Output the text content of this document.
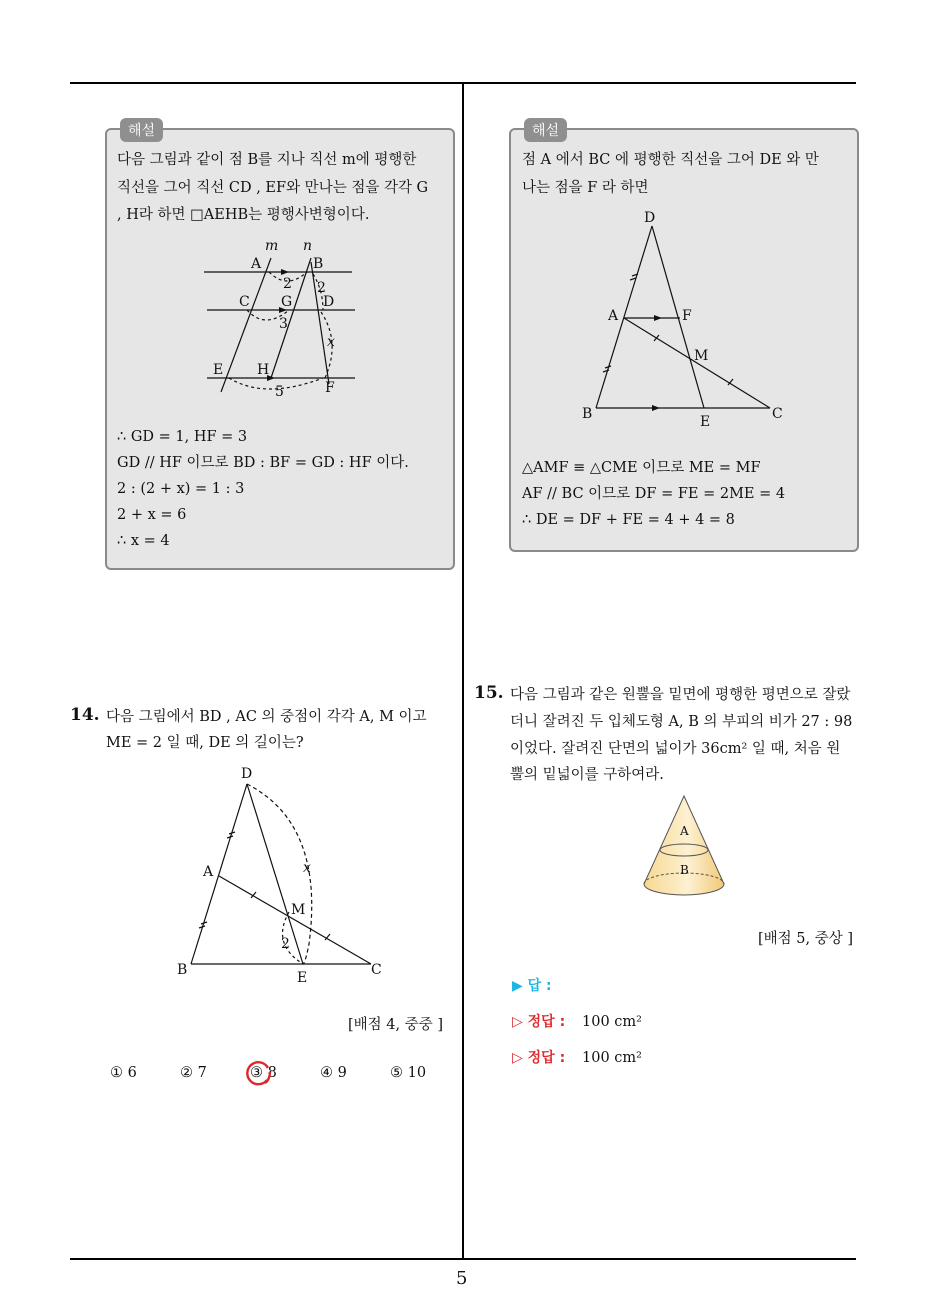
5
해설
다음 그림과 같이 점 B를 지나 직선 m에 평행한
직선을 그어 직선 CD , EF와 만나는 점을 각각 G
, H라 하면 □AEHB는 평행사변형이다.
m n
A	B
2 2
C G D
3
x
E H
5	F
∴ GD = 1, HF = 3
GD // HF 이므로 BD : BF = GD : HF 이다.
2 : (2 + x) = 1 : 3
2 + x = 6
∴ x = 4
해설
점 A 에서 BC 에 평행한 직선을 그어 DE 와 만
나는 점을 F 라 하면
D
A	F
M
B	E	C
△AMF ≡ △CME 이므로 ME = MF
AF // BC 이므로 DF = FE = 2ME = 4
∴ DE = DF + FE = 4 + 4 = 8
14. 다음 그림에서 BD , AC 의 중점이 각각 A, M 이고
ME = 2 일 때, DE 의 길이는?
D
A	x
M
2
B	E	C
[배점 4, 중중 ]
① 6	② 7	③ 8	④ 9	⑤ 10
15. 다음 그림과 같은 원뿔을 밑면에 평행한 평면으로 잘랐
더니 잘려진 두 입체도형 A, B 의 부피의 비가 27 : 98
이었다. 잘려진 단면의 넓이가 36cm² 일 때, 처음 원
뿔의 밑넓이를 구하여라.
A
B
[배점 5, 중상 ]
▶ 답 :
▷ 정답 : 100 cm²
▷ 정답 : 100 cm²
